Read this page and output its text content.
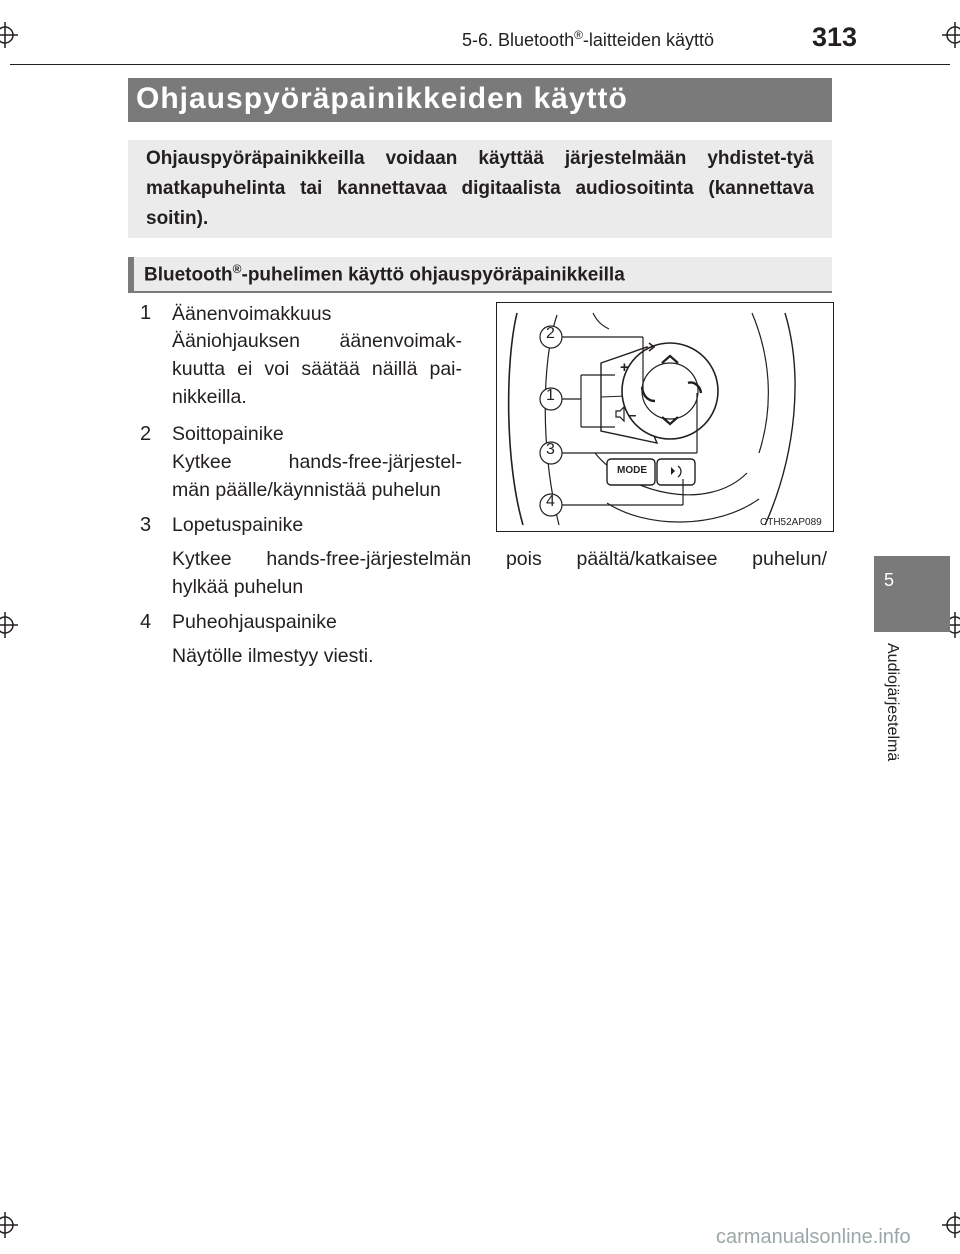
5-6. Bluetooth®-laitteiden käyttö	313
Ohjauspyöräpainikkeiden käyttö
Ohjauspyöräpainikkeilla voidaan käyttää järjestelmään yhdistet-tyä matkapuhelinta tai kannettavaa digitaalista audiosoitinta (kannettava soitin).
Bluetooth®-puhelimen käyttö ohjauspyöräpainikkeilla
1 Äänenvoimakkuus
Ääniohjauksen äänenvoimak-
kuutta ei voi säätää näillä pai-
nikkeilla.
2 Soittopainike
Kytkee hands-free-järjestel-
män päälle/käynnistää puhelun
3 Lopetuspainike
Kytkee hands-free-järjestelmän pois päältä/katkaisee puhelun/
hylkää puhelun
4 Puheohjauspainike
Näytölle ilmestyy viesti.
2
1
3
4
MODE
+
–
CTH52AP089
5
Audiojärjestelmä
carmanualsonline.info
